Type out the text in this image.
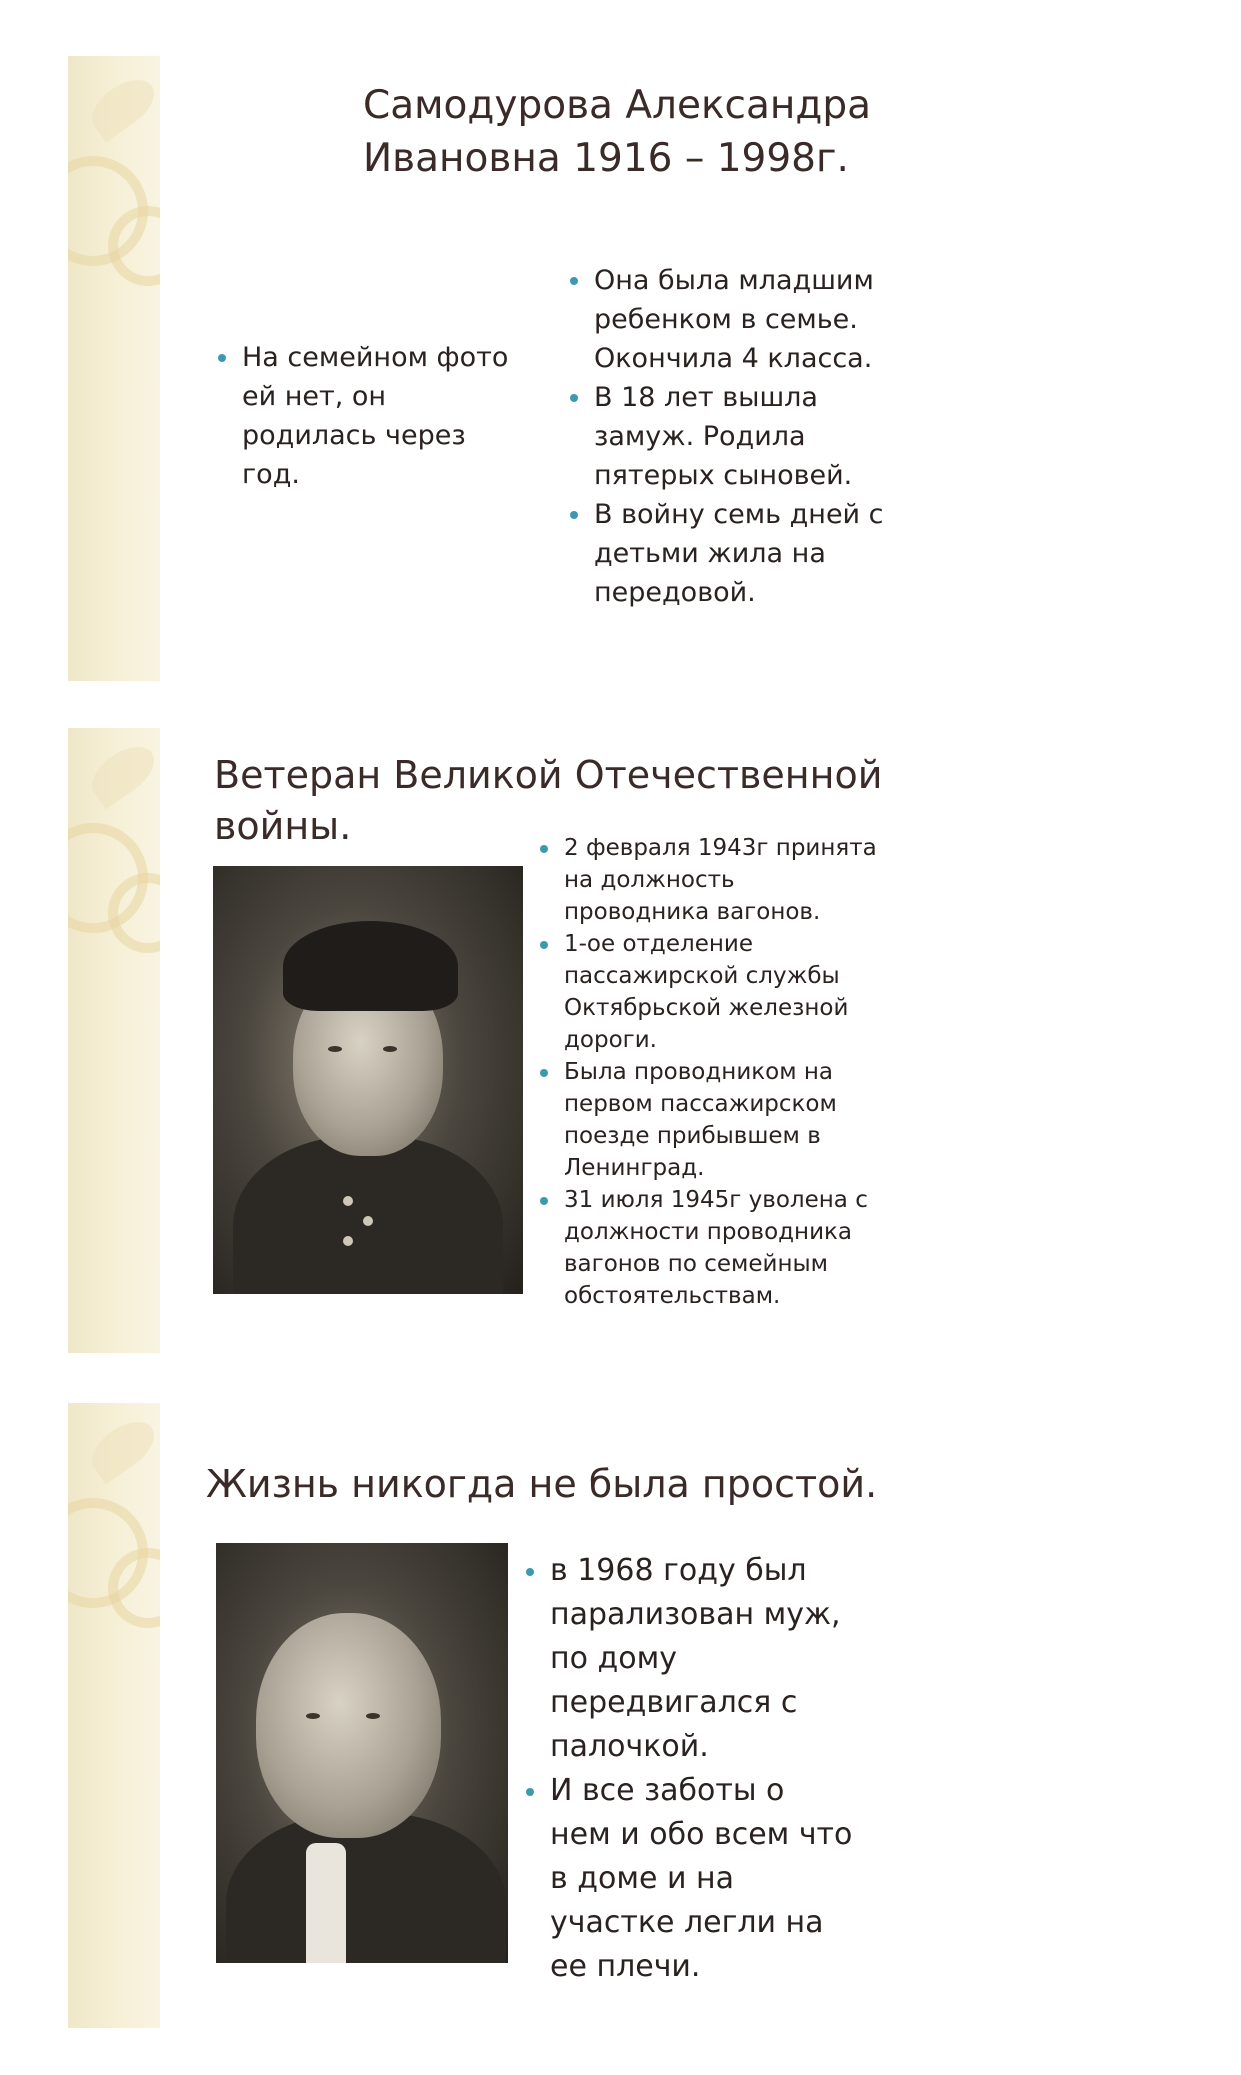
Самодурова Александра Ивановна 1916 – 1998г.
На семейном фото ей нет, он родилась через год.
Она была младшим ребенком в семье. Окончила 4 класса.
В 18 лет вышла замуж. Родила пятерых сыновей.
В войну семь дней с детьми жила на передовой.
Ветеран Великой Отечественной войны.	2 февраля 1943г принята на должность проводника вагонов.
1-ое отделение пассажирской службы Октябрьской железной дороги.
Была проводником на первом пассажирском поезде прибывшем в Ленинград.
31 июля 1945г уволена с должности проводника вагонов по семейным обстоятельствам.
Жизнь никогда не была простой.
в 1968 году был парализован муж, по дому передвигался с палочкой.
И все заботы о нем и обо всем что в доме и на участке легли на ее плечи.
